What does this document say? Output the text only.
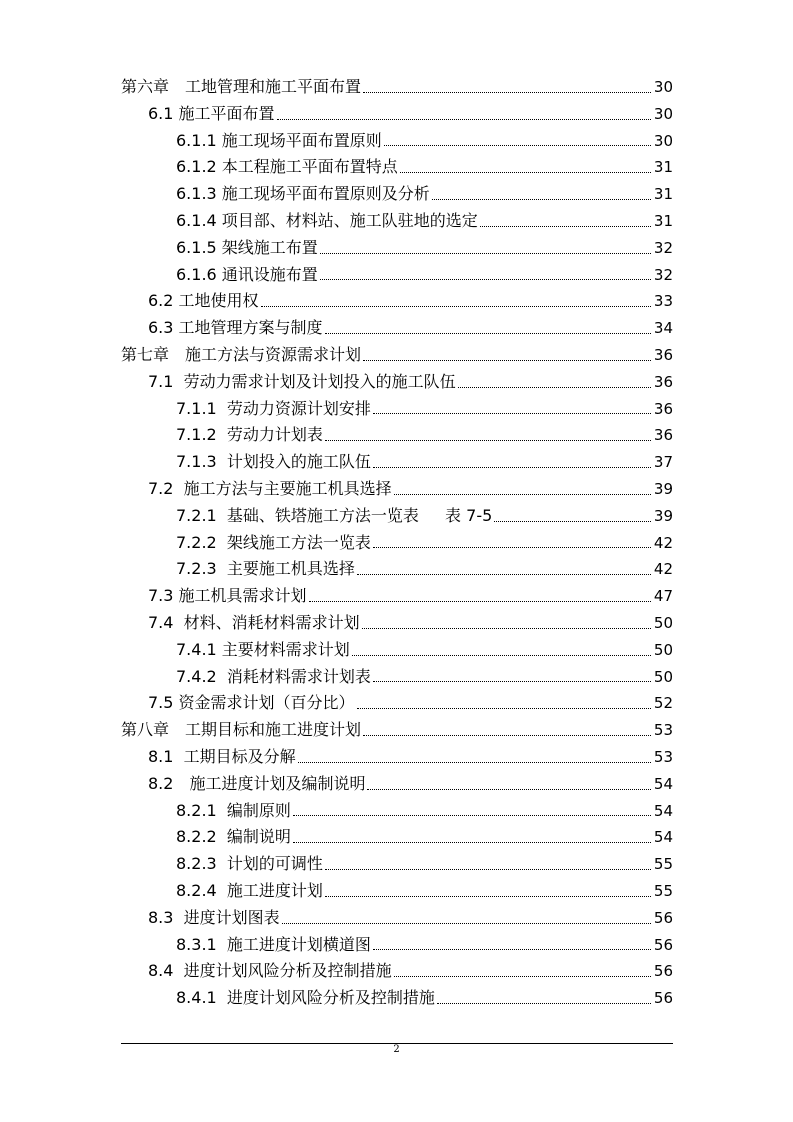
第六章　工地管理和施工平面布置	30
6.1 施工平面布置	30
6.1.1 施工现场平面布置原则	30
6.1.2 本工程施工平面布置特点	31
6.1.3 施工现场平面布置原则及分析	31
6.1.4 项目部、材料站、施工队驻地的选定	31
6.1.5 架线施工布置	32
6.1.6 通讯设施布置	32
6.2 工地使用权	33
6.3 工地管理方案与制度	34
第七章　施工方法与资源需求计划	36
7.1  劳动力需求计划及计划投入的施工队伍	36
7.1.1  劳动力资源计划安排	36
7.1.2  劳动力计划表	36
7.1.3  计划投入的施工队伍	37
7.2  施工方法与主要施工机具选择	39
7.2.1  基础、铁塔施工方法一览表　  表 7-5	39
7.2.2  架线施工方法一览表	42
7.2.3  主要施工机具选择	42
7.3 施工机具需求计划	47
7.4  材料、消耗材料需求计划	50
7.4.1 主要材料需求计划	50
7.4.2  消耗材料需求计划表	50
7.5 资金需求计划（百分比）	52
第八章　工期目标和施工进度计划	53
8.1  工期目标及分解	53
8.2　施工进度计划及编制说明	54
8.2.1  编制原则	54
8.2.2  编制说明	54
8.2.3  计划的可调性	55
8.2.4  施工进度计划	55
8.3  进度计划图表	56
8.3.1  施工进度计划横道图	56
8.4  进度计划风险分析及控制措施	56
8.4.1  进度计划风险分析及控制措施	56
2
